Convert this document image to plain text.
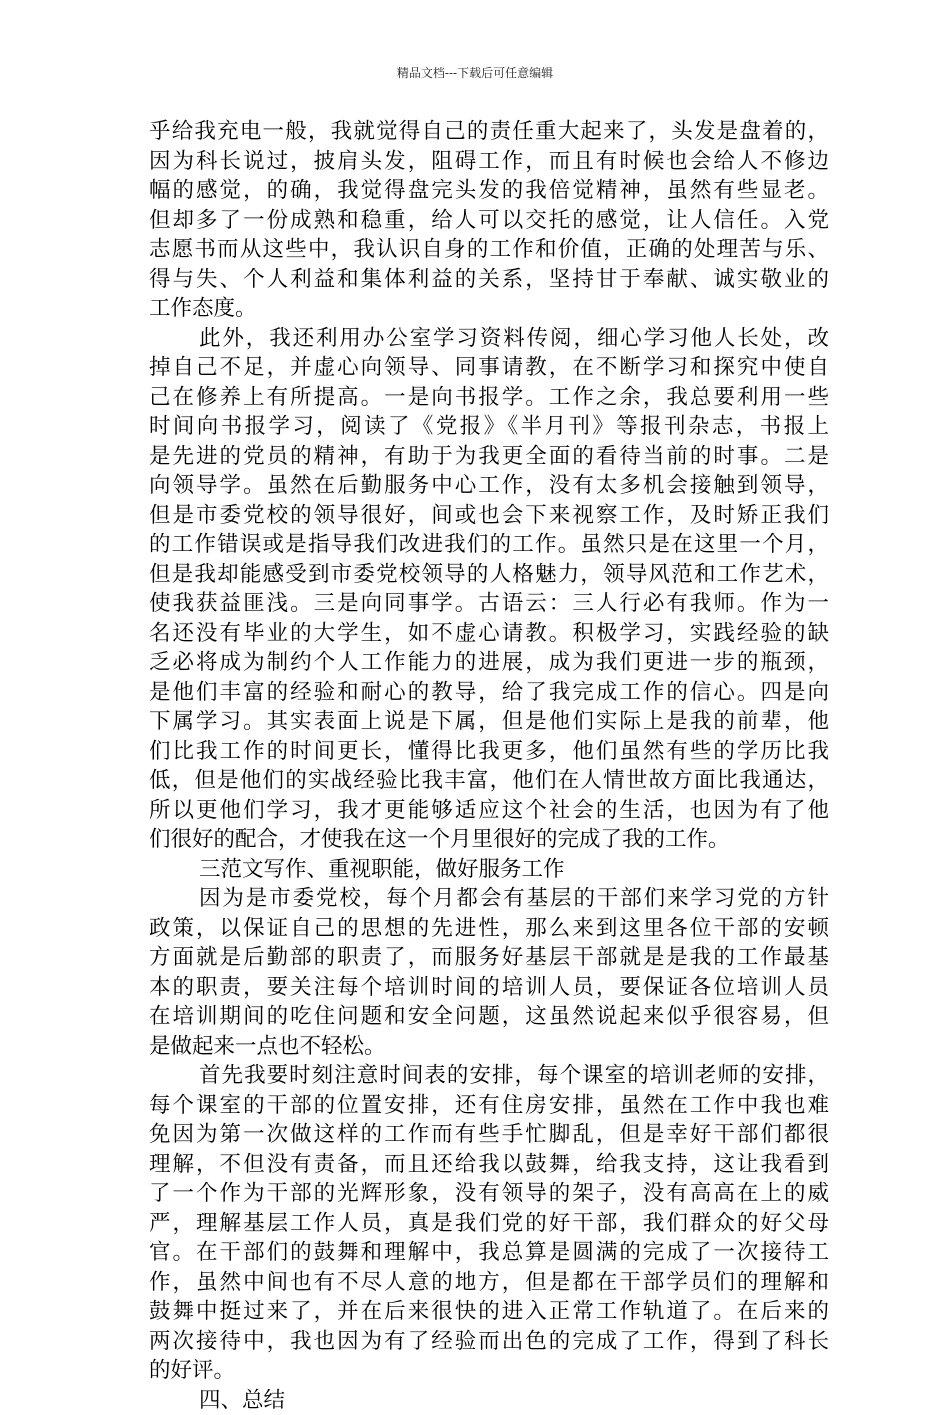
精品文档---下载后可任意编辑
乎给我充电一般，我就觉得自己的责任重大起来了，头发是盘着的，
因为科长说过，披肩头发，阻碍工作，而且有时候也会给人不修边
幅的感觉，的确，我觉得盘完头发的我倍觉精神，虽然有些显老。
但却多了一份成熟和稳重，给人可以交托的感觉，让人信任。入党
志愿书而从这些中，我认识自身的工作和价值，正确的处理苦与乐、
得与失、个人利益和集体利益的关系，坚持甘于奉献、诚实敬业的
工作态度。
此外，我还利用办公室学习资料传阅，细心学习他人长处，改
掉自己不足，并虚心向领导、同事请教，在不断学习和探究中使自
己在修养上有所提高。一是向书报学。工作之余，我总要利用一些
时间向书报学习，阅读了《党报》《半月刊》等报刊杂志，书报上
是先进的党员的精神，有助于为我更全面的看待当前的时事。二是
向领导学。虽然在后勤服务中心工作，没有太多机会接触到领导，
但是市委党校的领导很好，间或也会下来视察工作，及时矫正我们
的工作错误或是指导我们改进我们的工作。虽然只是在这里一个月，
但是我却能感受到市委党校领导的人格魅力，领导风范和工作艺术，
使我获益匪浅。三是向同事学。古语云：三人行必有我师。作为一
名还没有毕业的大学生，如不虚心请教。积极学习，实践经验的缺
乏必将成为制约个人工作能力的进展，成为我们更进一步的瓶颈，
是他们丰富的经验和耐心的教导，给了我完成工作的信心。四是向
下属学习。其实表面上说是下属，但是他们实际上是我的前辈，他
们比我工作的时间更长，懂得比我更多，他们虽然有些的学历比我
低，但是他们的实战经验比我丰富，他们在人情世故方面比我通达，
所以更他们学习，我才更能够适应这个社会的生活，也因为有了他
们很好的配合，才使我在这一个月里很好的完成了我的工作。
三范文写作、重视职能，做好服务工作
因为是市委党校，每个月都会有基层的干部们来学习党的方针
政策，以保证自己的思想的先进性，那么来到这里各位干部的安顿
方面就是后勤部的职责了，而服务好基层干部就是是我的工作最基
本的职责，要关注每个培训时间的培训人员，要保证各位培训人员
在培训期间的吃住问题和安全问题，这虽然说起来似乎很容易，但
是做起来一点也不轻松。
首先我要时刻注意时间表的安排，每个课室的培训老师的安排，
每个课室的干部的位置安排，还有住房安排，虽然在工作中我也难
免因为第一次做这样的工作而有些手忙脚乱，但是幸好干部们都很
理解，不但没有责备，而且还给我以鼓舞，给我支持，这让我看到
了一个作为干部的光辉形象，没有领导的架子，没有高高在上的威
严，理解基层工作人员，真是我们党的好干部，我们群众的好父母
官。在干部们的鼓舞和理解中，我总算是圆满的完成了一次接待工
作，虽然中间也有不尽人意的地方，但是都在干部学员们的理解和
鼓舞中挺过来了，并在后来很快的进入正常工作轨道了。在后来的
两次接待中，我也因为有了经验而出色的完成了工作，得到了科长
的好评。
四、总结
